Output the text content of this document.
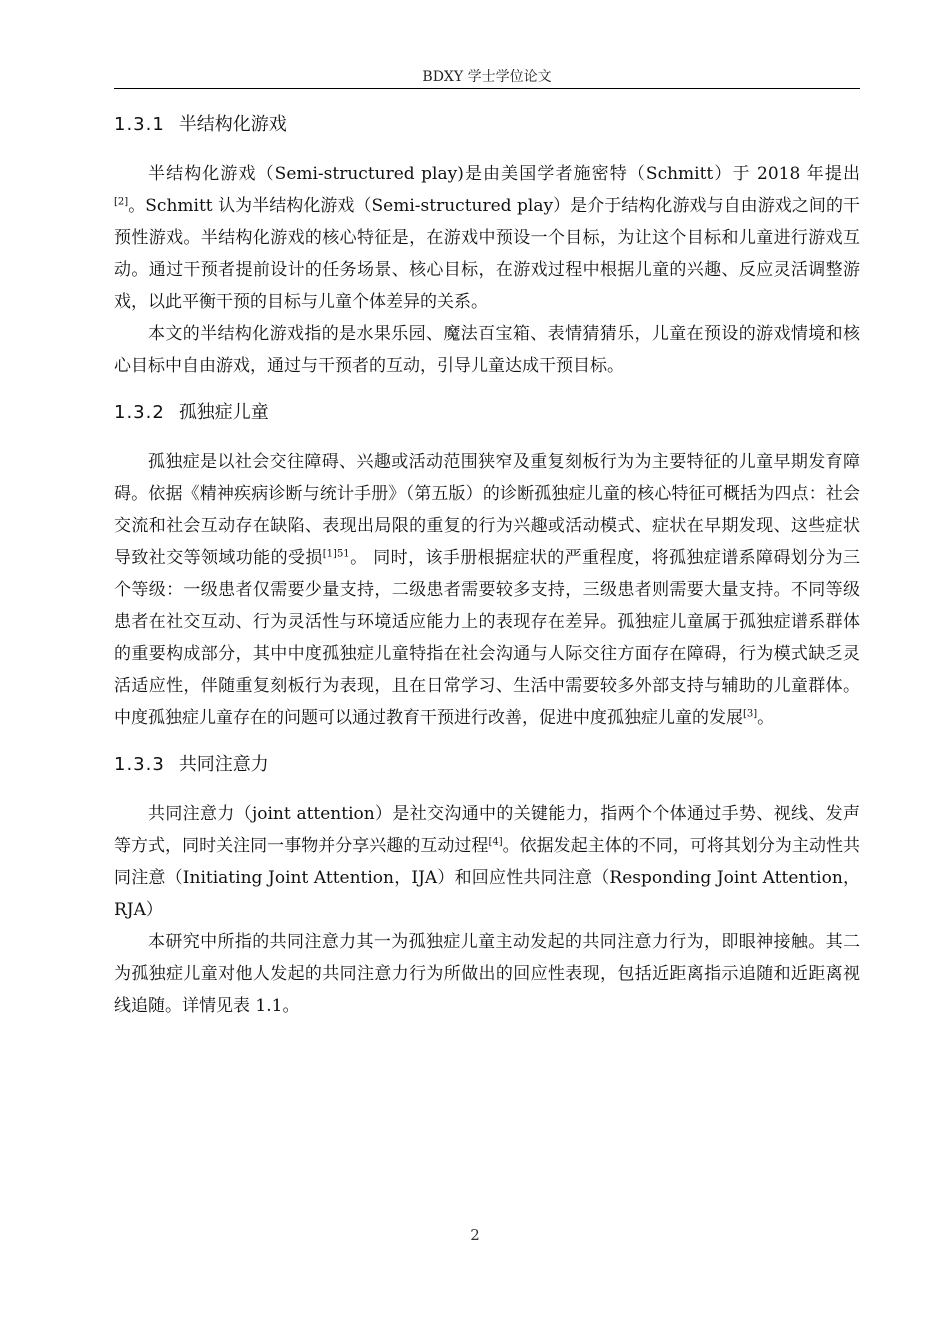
BDXY 学士学位论文
1.3.1 半结构化游戏

半结构化游戏（Semi-structured play)是由美国学者施密特（Schmitt）于 2018 年提出[2]。Schmitt 认为半结构化游戏（Semi-structured play）是介于结构化游戏与自由游戏之间的干预性游戏。半结构化游戏的核心特征是，在游戏中预设一个目标，为让这个目标和儿童进行游戏互动。通过干预者提前设计的任务场景、核心目标，在游戏过程中根据儿童的兴趣、反应灵活调整游戏，以此平衡干预的目标与儿童个体差异的关系。

本文的半结构化游戏指的是水果乐园、魔法百宝箱、表情猜猜乐，儿童在预设的游戏情境和核心目标中自由游戏，通过与干预者的互动，引导儿童达成干预目标。

1.3.2 孤独症儿童

孤独症是以社会交往障碍、兴趣或活动范围狭窄及重复刻板行为为主要特征的儿童早期发育障碍。依据《精神疾病诊断与统计手册》（第五版）的诊断孤独症儿童的核心特征可概括为四点：社会交流和社会互动存在缺陷、表现出局限的重复的行为兴趣或活动模式、症状在早期发现、这些症状导致社交等领域功能的受损$^{[1]51}$。 同时，该手册根据症状的严重程度，将孤独症谱系障碍划分为三个等级：一级患者仅需要少量支持，二级患者需要较多支持，三级患者则需要大量支持。不同等级患者在社交互动、行为灵活性与环境适应能力上的表现存在差异。孤独症儿童属于孤独症谱系群体的重要构成部分，其中中度孤独症儿童特指在社会沟通与人际交往方面存在障碍，行为模式缺乏灵活适应性，伴随重复刻板行为表现，且在日常学习、生活中需要较多外部支持与辅助的儿童群体。中度孤独症儿童存在的问题可以通过教育干预进行改善，促进中度孤独症儿童的发展[3]。

1.3.3 共同注意力

共同注意力（joint attention）是社交沟通中的关键能力，指两个个体通过手势、视线、发声等方式，同时关注同一事物并分享兴趣的互动过程[4]。依据发起主体的不同，可将其划分为主动性共同注意（Initiating Joint Attention，IJA）和回应性共同注意（Responding Joint Attention，RJA）

本研究中所指的共同注意力其一为孤独症儿童主动发起的共同注意力行为，即眼神接触。其二为孤独症儿童对他人发起的共同注意力行为所做出的回应性表现，包括近距离指示追随和近距离视线追随。详情见表 1.1。

2
